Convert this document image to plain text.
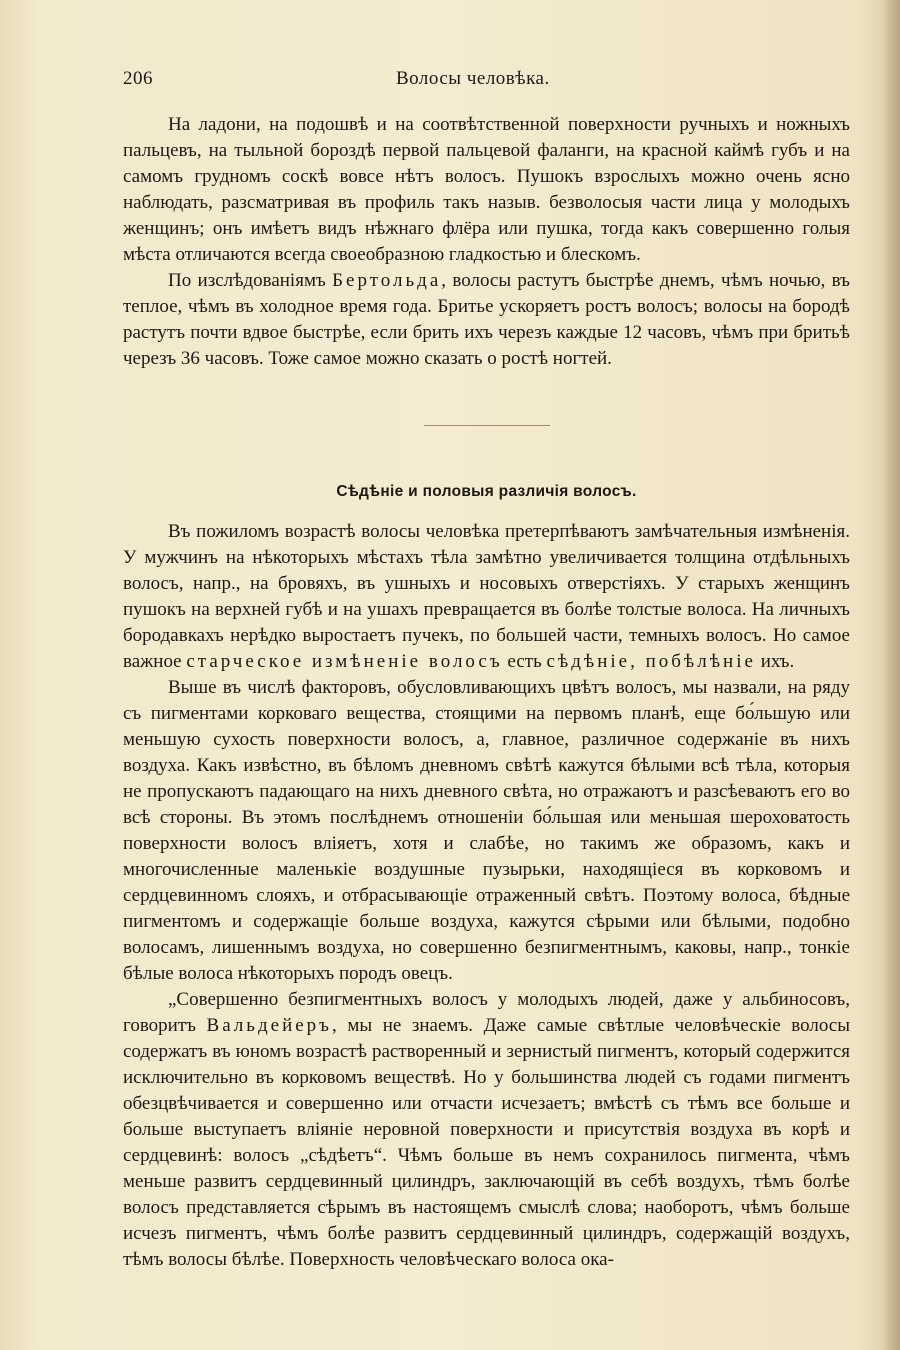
206	Волосы человѣка.

На ладони, на подошвѣ и на соотвѣтственной поверхности ручныхъ и ножныхъ пальцевъ, на тыльной бороздѣ первой пальцевой фаланги, на красной каймѣ губъ и на самомъ грудномъ соскѣ вовсе нѣтъ волосъ. Пушокъ взрослыхъ можно очень ясно наблюдать, разсматривая въ профиль такъ назыв. безволосыя части лица у молодыхъ женщинъ; онъ имѣетъ видъ нѣжнаго флёра или пушка, тогда какъ совершенно голыя мѣста отличаются всегда своеобразною гладкостью и блескомъ.

По изслѣдованіямъ Бертольда, волосы растутъ быстрѣе днемъ, чѣмъ ночью, въ теплое, чѣмъ въ холодное время года. Бритье ускоряетъ ростъ волосъ; волосы на бородѣ растутъ почти вдвое быстрѣе, если брить ихъ черезъ каждые 12 часовъ, чѣмъ при бритьѣ черезъ 36 часовъ. Тоже самое можно сказать о ростѣ ногтей.

Сѣдѣніе и половыя различія волосъ.

Въ пожиломъ возрастѣ волосы человѣка претерпѣваютъ замѣчательныя измѣненія. У мужчинъ на нѣкоторыхъ мѣстахъ тѣла замѣтно увеличивается толщина отдѣльныхъ волосъ, напр., на бровяхъ, въ ушныхъ и носовыхъ отверстіяхъ. У старыхъ женщинъ пушокъ на верхней губѣ и на ушахъ превращается въ болѣе толстые волоса. На личныхъ бородавкахъ нерѣдко выростаетъ пучекъ, по большей части, темныхъ волосъ. Но самое важное старческое измѣненіе волосъ есть сѣдѣніе, побѣлѣніе ихъ.

Выше въ числѣ факторовъ, обусловливающихъ цвѣтъ волосъ, мы назвали, на ряду съ пигментами корковаго вещества, стоящими на первомъ планѣ, еще бо́льшую или меньшую сухость поверхности волосъ, а, главное, различное содержаніе въ нихъ воздуха. Какъ извѣстно, въ бѣломъ дневномъ свѣтѣ кажутся бѣлыми всѣ тѣла, которыя не пропускаютъ падающаго на нихъ дневного свѣта, но отражаютъ и разсѣеваютъ его во всѣ стороны. Въ этомъ послѣднемъ отношеніи бо́льшая или меньшая шероховатость поверхности волосъ вліяетъ, хотя и слабѣе, но такимъ же образомъ, какъ и многочисленные маленькіе воздушные пузырьки, находящіеся въ корковомъ и сердцевинномъ слояхъ, и отбрасывающіе отраженный свѣтъ. Поэтому волоса, бѣдные пигментомъ и содержащіе больше воздуха, кажутся сѣрыми или бѣлыми, подобно волосамъ, лишеннымъ воздуха, но совершенно безпигментнымъ, каковы, напр., тонкіе бѣлые волоса нѣкоторыхъ породъ овецъ.

„Совершенно безпигментныхъ волосъ у молодыхъ людей, даже у альбиносовъ, говоритъ Вальдейеръ, мы не знаемъ. Даже самые свѣтлые человѣческіе волосы содержатъ въ юномъ возрастѣ растворенный и зернистый пигментъ, который содержится исключительно въ корковомъ веществѣ. Но у большинства людей съ годами пигментъ обезцвѣчивается и совершенно или отчасти исчезаетъ; вмѣстѣ съ тѣмъ все больше и больше выступаетъ вліяніе неровной поверхности и присутствія воздуха въ корѣ и сердцевинѣ: волосъ „сѣдѣетъ“. Чѣмъ больше въ немъ сохранилось пигмента, чѣмъ меньше развитъ сердцевинный цилиндръ, заключающій въ себѣ воздухъ, тѣмъ болѣе волосъ представляется сѣрымъ въ настоящемъ смыслѣ слова; наоборотъ, чѣмъ больше исчезъ пигментъ, чѣмъ болѣе развитъ сердцевинный цилиндръ, содержащій воздухъ, тѣмъ волосы бѣлѣе. Поверхность человѣческаго волоса ока-
